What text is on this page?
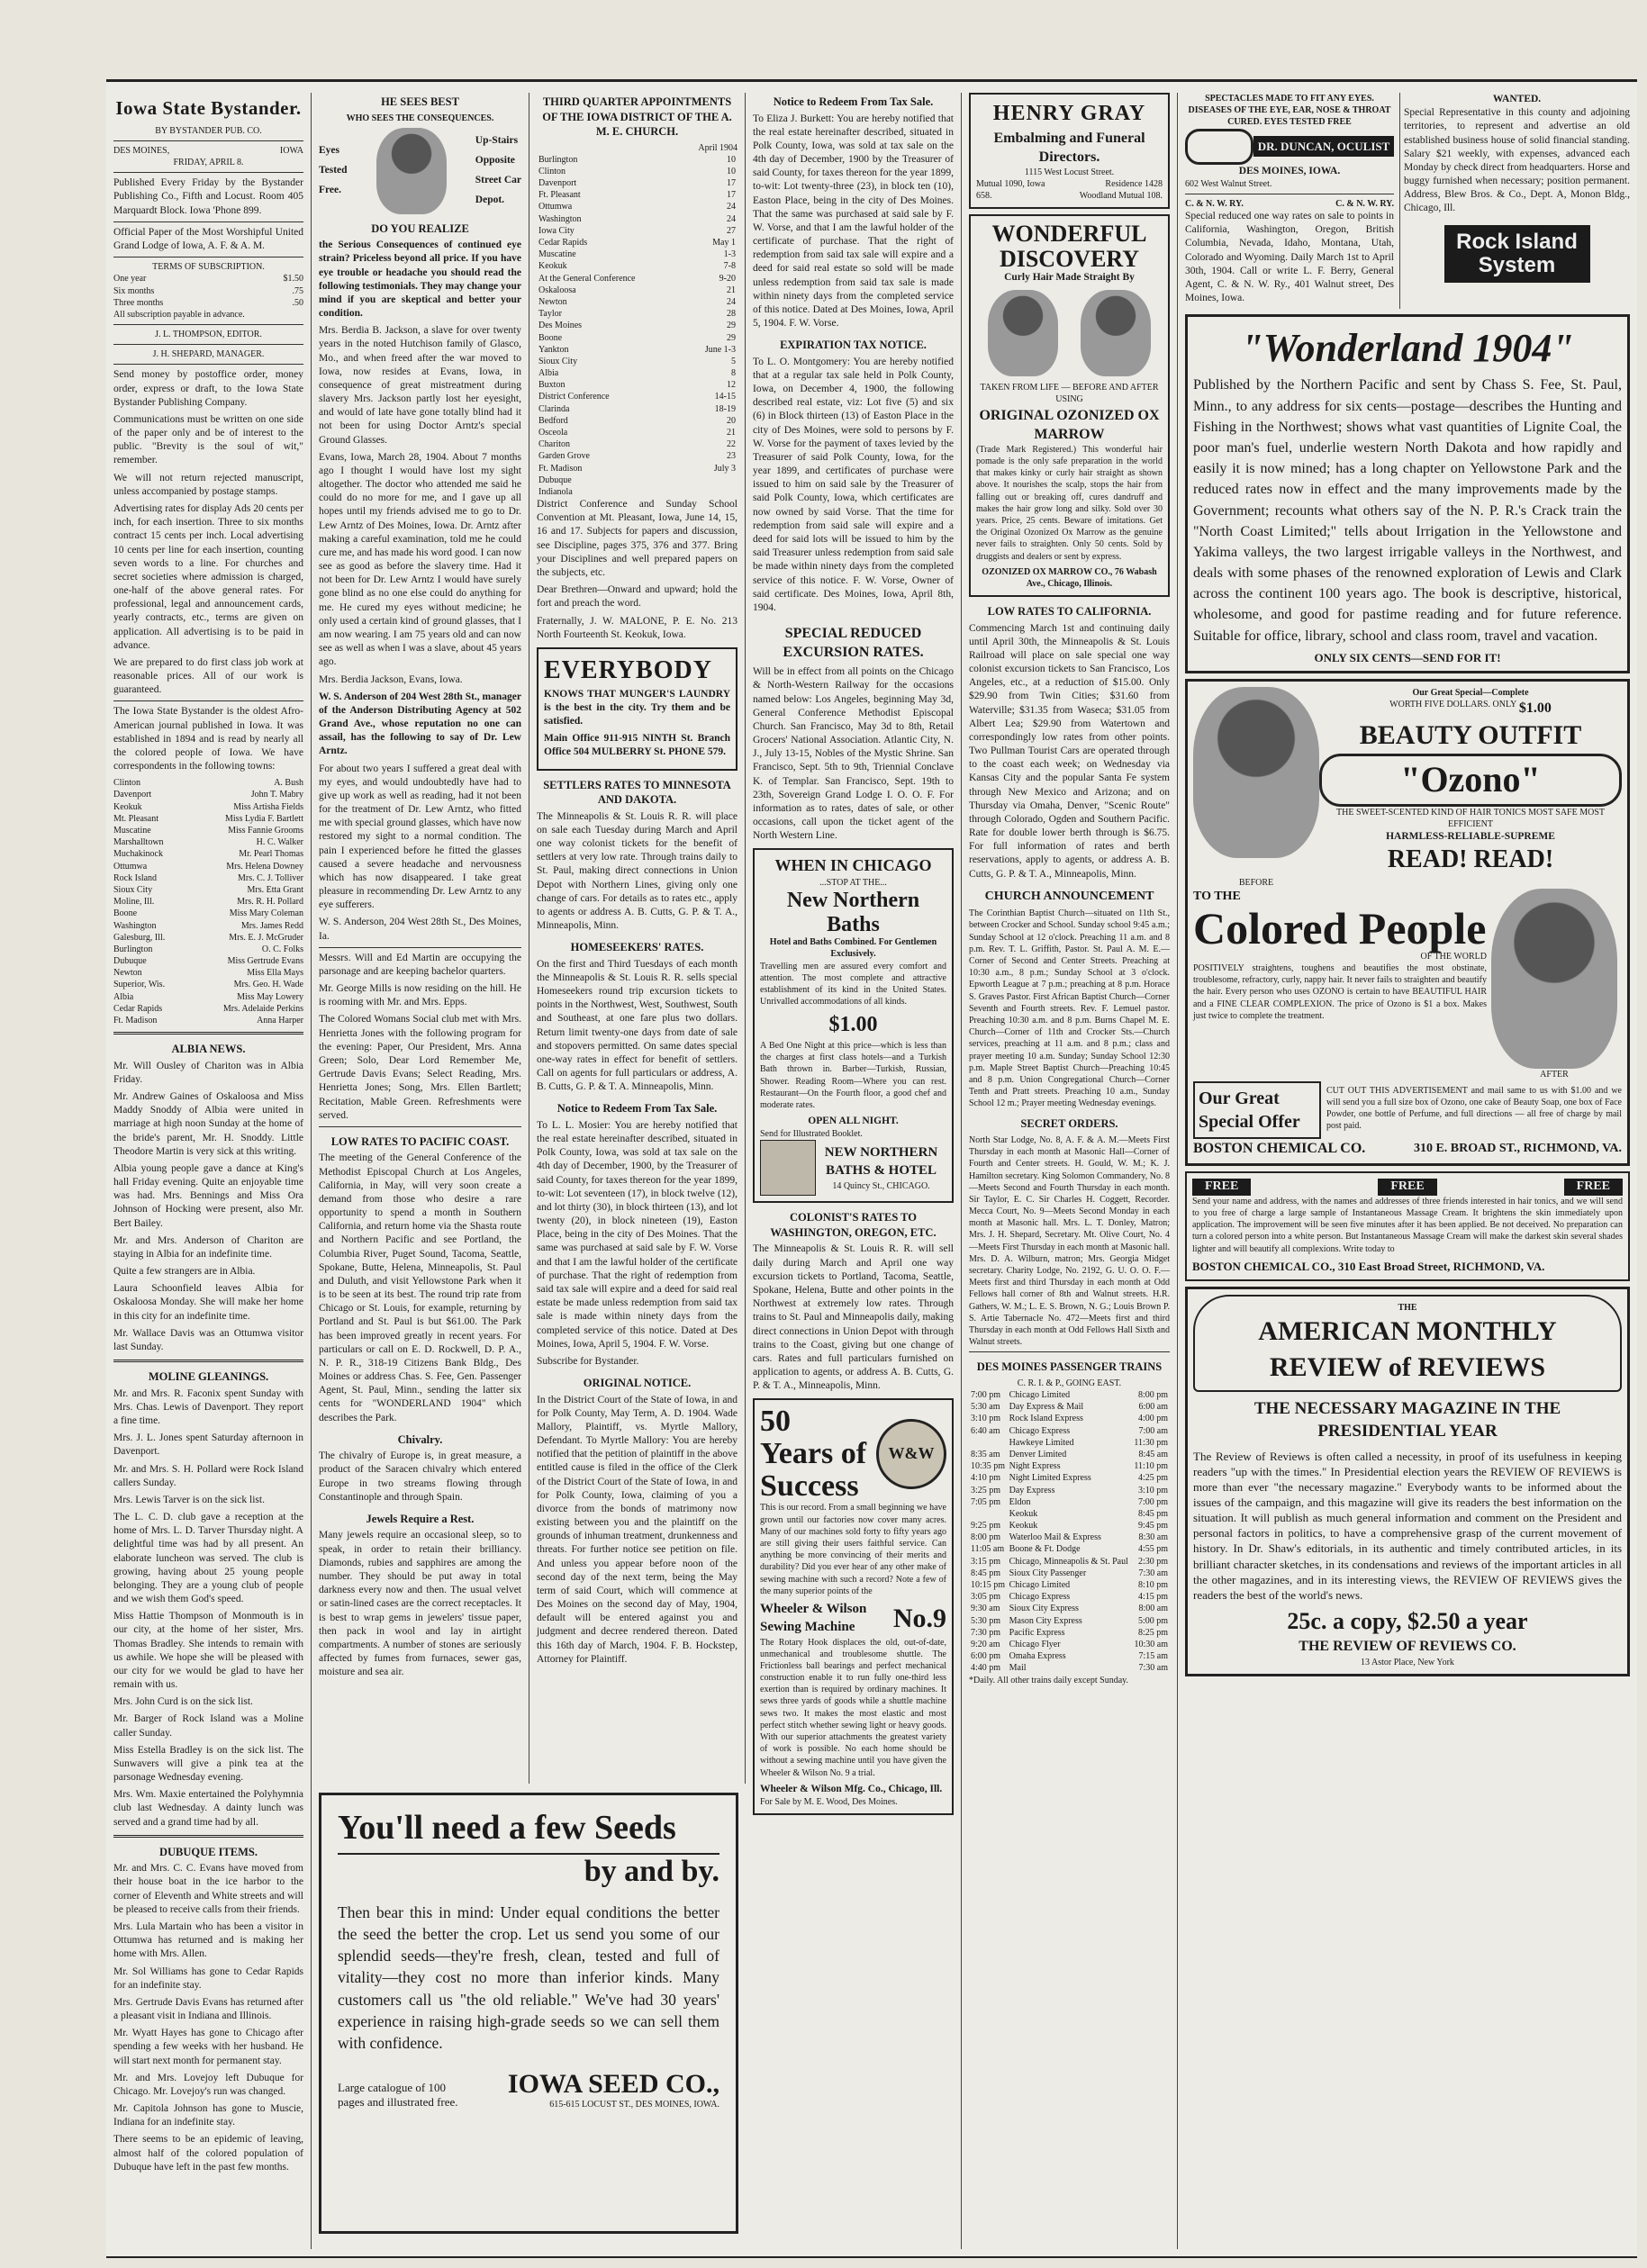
Iowa State Bystander.
BY BYSTANDER PUB. CO.
DES MOINES,	IOWA
FRIDAY, APRIL 8.

Published Every Friday by the Bystander Publishing Co., Fifth and Locust. Room 405 Marquardt Block. Iowa 'Phone 899.

Official Paper of the Most Worshipful United Grand Lodge of Iowa, A. F. & A. M.

TERMS OF SUBSCRIPTION.
One year	$1.50
Six months	.75
Three months	.50
All subscription payable in advance.
J. L. THOMPSON, EDITOR.
J. H. SHEPARD, MANAGER.

Send money by postoffice order, money order, express or draft, to the Iowa State Bystander Publishing Company.

Communications must be written on one side of the paper only and be of interest to the public. "Brevity is the soul of wit," remember.

We will not return rejected manuscript, unless accompanied by postage stamps.

Advertising rates for display Ads 20 cents per inch, for each insertion. Three to six months contract 15 cents per inch. Local advertising 10 cents per line for each insertion, counting seven words to a line. For churches and secret societies where admission is charged, one-half of the above general rates. For professional, legal and announcement cards, yearly contracts, etc., terms are given on application. All advertising is to be paid in advance.

We are prepared to do first class job work at reasonable prices. All of our work is guaranteed.

The Iowa State Bystander is the oldest Afro-American journal published in Iowa. It was established in 1894 and is read by nearly all the colored people of Iowa. We have correspondents in the following towns:

Clinton	A. Bush
Davenport	John T. Mabry
Keokuk	Miss Artisha Fields
Mt. Pleasant	Miss Lydia F. Bartlett
Muscatine	Miss Fannie Grooms
Marshalltown	H. C. Walker
Muchakinock	Mr. Pearl Thomas
Ottumwa	Mrs. Helena Downey
Rock Island	Mrs. C. J. Tolliver
Sioux City	Mrs. Etta Grant
Moline, Ill.	Mrs. R. H. Pollard
Boone	Miss Mary Coleman
Washington	Mrs. James Redd
Galesburg, Ill.	Mrs. E. J. McGruder
Burlington	O. C. Folks
Dubuque	Miss Gertrude Evans
Newton	Miss Ella Mays
Superior, Wis.	Mrs. Geo. H. Wade
Albia	Miss May Lowery
Cedar Rapids	Mrs. Adelaide Perkins
Ft. Madison	Anna Harper
ALBIA NEWS.

Mr. Will Ousley of Chariton was in Albia Friday.

Mr. Andrew Gaines of Oskaloosa and Miss Maddy Snoddy of Albia were united in marriage at high noon Sunday at the home of the bride's parent, Mr. H. Snoddy. Little Theodore Martin is very sick at this writing.

Albia young people gave a dance at King's hall Friday evening. Quite an enjoyable time was had. Mrs. Bennings and Miss Ora Johnson of Hocking were present, also Mr. Bert Bailey.

Mr. and Mrs. Anderson of Chariton are staying in Albia for an indefinite time.

Quite a few strangers are in Albia.

Laura Schoonfield leaves Albia for Oskaloosa Monday. She will make her home in this city for an indefinite time.

Mr. Wallace Davis was an Ottumwa visitor last Sunday.

MOLINE GLEANINGS.

Mr. and Mrs. R. Faconix spent Sunday with Mrs. Chas. Lewis of Davenport. They report a fine time.

Mrs. J. L. Jones spent Saturday afternoon in Davenport.

Mr. and Mrs. S. H. Pollard were Rock Island callers Sunday.

Mrs. Lewis Tarver is on the sick list.

The L. C. D. club gave a reception at the home of Mrs. L. D. Tarver Thursday night. A delightful time was had by all present. An elaborate luncheon was served. The club is growing, having about 25 young people belonging. They are a young club of people and we wish them God's speed.

Miss Hattie Thompson of Monmouth is in our city, at the home of her sister, Mrs. Thomas Bradley. She intends to remain with us awhile. We hope she will be pleased with our city for we would be glad to have her remain with us.

Mrs. John Curd is on the sick list.

Mr. Barger of Rock Island was a Moline caller Sunday.

Miss Estella Bradley is on the sick list. The Sunwavers will give a pink tea at the parsonage Wednesday evening.

Mrs. Wm. Maxie entertained the Polyhymnia club last Wednesday. A dainty lunch was served and a grand time had by all.

DUBUQUE ITEMS.

Mr. and Mrs. C. C. Evans have moved from their house boat in the ice harbor to the corner of Eleventh and White streets and will be pleased to receive calls from their friends.

Mrs. Lula Martain who has been a visitor in Ottumwa has returned and is making her home with Mrs. Allen.

Mr. Sol Williams has gone to Cedar Rapids for an indefinite stay.

Mrs. Gertrude Davis Evans has returned after a pleasant visit in Indiana and Illinois.

Mr. Wyatt Hayes has gone to Chicago after spending a few weeks with her husband. He will start next month for permanent stay.

Mr. and Mrs. Lovejoy left Dubuque for Chicago. Mr. Lovejoy's run was changed.

Mr. Capitola Johnson has gone to Muscie, Indiana for an indefinite stay.

There seems to be an epidemic of leaving, almost half of the colored population of Dubuque have left in the past few months.

HE SEES BEST
WHO SEES THE CONSEQUENCES.
Eyes
Tested
Free.
Up-Stairs
Opposite
Street Car
Depot.
DO YOU REALIZE

the Serious Consequences of continued eye strain? Priceless beyond all price. If you have eye trouble or headache you should read the following testimonials. They may change your mind if you are skeptical and better your condition.

Mrs. Berdia B. Jackson, a slave for over twenty years in the noted Hutchison family of Glasco, Mo., and when freed after the war moved to Iowa, now resides at Evans, Iowa, in consequence of great mistreatment during slavery Mrs. Jackson partly lost her eyesight, and would of late have gone totally blind had it not been for using Doctor Arntz's special Ground Glasses.

Evans, Iowa, March 28, 1904. About 7 months ago I thought I would have lost my sight altogether. The doctor who attended me said he could do no more for me, and I gave up all hopes until my friends advised me to go to Dr. Lew Arntz of Des Moines, Iowa. Dr. Arntz after making a careful examination, told me he could cure me, and has made his word good. I can now see as good as before the slavery time. Had it not been for Dr. Lew Arntz I would have surely gone blind as no one else could do anything for me. He cured my eyes without medicine; he only used a certain kind of ground glasses, that I am now wearing. I am 75 years old and can now see as well as when I was a slave, about 45 years ago.

Mrs. Berdia Jackson, Evans, Iowa.

W. S. Anderson of 204 West 28th St., manager of the Anderson Distributing Agency at 502 Grand Ave., whose reputation no one can assail, has the following to say of Dr. Lew Arntz.

For about two years I suffered a great deal with my eyes, and would undoubtedly have had to give up work as well as reading, had it not been for the treatment of Dr. Lew Arntz, who fitted me with special ground glasses, which have now restored my sight to a normal condition. The pain I experienced before he fitted the glasses caused a severe headache and nervousness which has now disappeared. I take great pleasure in recommending Dr. Lew Arntz to any eye sufferers.

W. S. Anderson, 204 West 28th St., Des Moines, Ia.

Messrs. Will and Ed Martin are occupying the parsonage and are keeping bachelor quarters.

Mr. George Mills is now residing on the hill. He is rooming with Mr. and Mrs. Epps.

The Colored Womans Social club met with Mrs. Henrietta Jones with the following program for the evening: Paper, Our President, Mrs. Anna Green; Solo, Dear Lord Remember Me, Gertrude Davis Evans; Select Reading, Mrs. Henrietta Jones; Song, Mrs. Ellen Bartlett; Recitation, Mable Green. Refreshments were served.

LOW RATES TO PACIFIC COAST.

The meeting of the General Conference of the Methodist Episcopal Church at Los Angeles, California, in May, will very soon create a demand from those who desire a rare opportunity to spend a month in Southern California, and return home via the Shasta route and Northern Pacific and see Portland, the Columbia River, Puget Sound, Tacoma, Seattle, Spokane, Butte, Helena, Minneapolis, St. Paul and Duluth, and visit Yellowstone Park when it is to be seen at its best. The round trip rate from Chicago or St. Louis, for example, returning by Portland and St. Paul is but $61.00. The Park has been improved greatly in recent years. For particulars or call on E. D. Rockwell, D. P. A., N. P. R., 318-19 Citizens Bank Bldg., Des Moines or address Chas. S. Fee, Gen. Passenger Agent, St. Paul, Minn., sending the latter six cents for "WONDERLAND 1904" which describes the Park.

Chivalry.

The chivalry of Europe is, in great measure, a product of the Saracen chivalry which entered Europe in two streams flowing through Constantinople and through Spain.

Jewels Require a Rest.

Many jewels require an occasional sleep, so to speak, in order to retain their brilliancy. Diamonds, rubies and sapphires are among the number. They should be put away in total darkness every now and then. The usual velvet or satin-lined cases are the correct receptacles. It is best to wrap gems in jewelers' tissue paper, then pack in wool and lay in airtight compartments. A number of stones are seriously affected by fumes from furnaces, sewer gas, moisture and sea air.

THIRD QUARTER APPOINTMENTS OF THE IOWA DISTRICT OF THE A. M. E. CHURCH.
April 1904
Burlington	10
Clinton	10
Davenport	17
Ft. Pleasant	17
Ottumwa	24
Washington	24
Iowa City	27
Cedar Rapids	May 1
Muscatine	1-3
Keokuk	7-8
At the General Conference	9-20
Oskaloosa	21
Newton	24
Taylor	28
Des Moines	29
Boone	29
Yankton	June 1-3
Sioux City	5
Albia	8
Buxton	12
District Conference	14-15
Clarinda	18-19
Bedford	20
Osceola	21
Chariton	22
Garden Grove	23
Ft. Madison	July 3
Dubuque	
Indianola	

District Conference and Sunday School Convention at Mt. Pleasant, Iowa, June 14, 15, 16 and 17. Subjects for papers and discussion, see Discipline, pages 375, 376 and 377. Bring your Disciplines and well prepared papers on the subjects, etc.

Dear Brethren—Onward and upward; hold the fort and preach the word.

Fraternally, J. W. MALONE, P. E. No. 213 North Fourteenth St. Keokuk, Iowa.

EVERYBODY

KNOWS THAT MUNGER'S LAUNDRY is the best in the city. Try them and be satisfied.

Main Office 911-915 NINTH St. Branch Office 504 MULBERRY St. PHONE 579.

SETTLERS RATES TO MINNESOTA AND DAKOTA.

The Minneapolis & St. Louis R. R. will place on sale each Tuesday during March and April one way colonist tickets for the benefit of settlers at very low rate. Through trains daily to St. Paul, making direct connections in Union Depot with Northern Lines, giving only one change of cars. For details as to rates etc., apply to agents or address A. B. Cutts, G. P. & T. A., Minneapolis, Minn.

HOMESEEKERS' RATES.

On the first and Third Tuesdays of each month the Minneapolis & St. Louis R. R. sells special Homeseekers round trip excursion tickets to points in the Northwest, West, Southwest, South and Southeast, at one fare plus two dollars. Return limit twenty-one days from date of sale and stopovers permitted. On same dates special one-way rates in effect for benefit of settlers. Call on agents for full particulars or address, A. B. Cutts, G. P. & T. A. Minneapolis, Minn.

Notice to Redeem From Tax Sale.

To L. L. Mosier: You are hereby notified that the real estate hereinafter described, situated in Polk County, Iowa, was sold at tax sale on the 4th day of December, 1900, by the Treasurer of said County, for taxes thereon for the year 1899, to-wit: Lot seventeen (17), in block twelve (12), and lot thirty (30), in block thirteen (13), and lot twenty (20), in block nineteen (19), Easton Place, being in the city of Des Moines. That the same was purchased at said sale by F. W. Vorse and that I am the lawful holder of the certificate of purchase. That the right of redemption from said tax sale will expire and a deed for said real estate be made unless redemption from said tax sale is made within ninety days from the completed service of this notice. Dated at Des Moines, Iowa, April 5, 1904. F. W. Vorse.

Subscribe for Bystander.

ORIGINAL NOTICE.

In the District Court of the State of Iowa, in and for Polk County, May Term, A. D. 1904. Wade Mallory, Plaintiff, vs. Myrtle Mallory, Defendant. To Myrtle Mallory: You are hereby notified that the petition of plaintiff in the above entitled cause is filed in the office of the Clerk of the District Court of the State of Iowa, in and for Polk County, Iowa, claiming of you a divorce from the bonds of matrimony now existing between you and the plaintiff on the grounds of inhuman treatment, drunkenness and threats. For further notice see petition on file. And unless you appear before noon of the second day of the next term, being the May term of said Court, which will commence at Des Moines on the second day of May, 1904, default will be entered against you and judgment and decree rendered thereon. Dated this 16th day of March, 1904. F. B. Hockstep, Attorney for Plaintiff.

You'll need a few Seeds
by and by.

Then bear this in mind: Under equal conditions the better the seed the better the crop. Let us send you some of our splendid seeds—they're fresh, clean, tested and full of vitality—they cost no more than inferior kinds. Many customers call us "the old reliable." We've had 30 years' experience in raising high-grade seeds so we can sell them with confidence.

Large catalogue of 100 pages and illustrated free.
IOWA SEED CO.,
615-615 LOCUST ST., DES MOINES, IOWA.
Notice to Redeem From Tax Sale.

To Eliza J. Burkett: You are hereby notified that the real estate hereinafter described, situated in Polk County, Iowa, was sold at tax sale on the 4th day of December, 1900 by the Treasurer of said County, for taxes thereon for the year 1899, to-wit: Lot twenty-three (23), in block ten (10), Easton Place, being in the city of Des Moines. That the same was purchased at said sale by F. W. Vorse, and that I am the lawful holder of the certificate of purchase. That the right of redemption from said tax sale will expire and a deed for said real estate so sold will be made unless redemption from said tax sale is made within ninety days from the completed service of this notice. Dated at Des Moines, Iowa, April 5, 1904. F. W. Vorse.

EXPIRATION TAX NOTICE.

To L. O. Montgomery: You are hereby notified that at a regular tax sale held in Polk County, Iowa, on December 4, 1900, the following described real estate, viz: Lot five (5) and six (6) in Block thirteen (13) of Easton Place in the city of Des Moines, were sold to persons by F. W. Vorse for the payment of taxes levied by the Treasurer of said Polk County, Iowa, for the year 1899, and certificates of purchase were issued to him on said sale by the Treasurer of said Polk County, Iowa, which certificates are now owned by said Vorse. That the time for redemption from said sale will expire and a deed for said lots will be issued to him by the said Treasurer unless redemption from said sale be made within ninety days from the completed service of this notice. F. W. Vorse, Owner of said certificate. Des Moines, Iowa, April 8th, 1904.

SPECIAL REDUCED EXCURSION RATES.

Will be in effect from all points on the Chicago & North-Western Railway for the occasions named below: Los Angeles, beginning May 3d, General Conference Methodist Episcopal Church. San Francisco, May 3d to 8th, Retail Grocers' National Association. Atlantic City, N. J., July 13-15, Nobles of the Mystic Shrine. San Francisco, Sept. 5th to 9th, Triennial Conclave K. of Templar. San Francisco, Sept. 19th to 23th, Sovereign Grand Lodge I. O. O. F. For information as to rates, dates of sale, or other occasions, call upon the ticket agent of the North Western Line.

WHEN IN CHICAGO
...STOP AT THE...
New Northern Baths
Hotel and Baths Combined. For Gentlemen Exclusively.

Travelling men are assured every comfort and attention. The most complete and attractive establishment of its kind in the United States. Unrivalled accommodations of all kinds.

$1.00

A Bed One Night at this price—which is less than the charges at first class hotels—and a Turkish Bath thrown in. Barber—Turkish, Russian, Shower. Reading Room—Where you can rest. Restaurant—On the Fourth floor, a good chef and moderate rates.

OPEN ALL NIGHT.
Send for Illustrated Booklet.
NEW NORTHERN BATHS & HOTEL
14 Quincy St., CHICAGO.
COLONIST'S RATES TO WASHINGTON, OREGON, ETC.

The Minneapolis & St. Louis R. R. will sell daily during March and April one way excursion tickets to Portland, Tacoma, Seattle, Spokane, Helena, Butte and other points in the Northwest at extremely low rates. Through trains to St. Paul and Minneapolis daily, making direct connections in Union Depot with through trains to the Coast, giving but one change of cars. Rates and full particulars furnished on application to agents, or address A. B. Cutts, G. P. & T. A., Minneapolis, Minn.

50 Years of Success
W&W

This is our record. From a small beginning we have grown until our factories now cover many acres. Many of our machines sold forty to fifty years ago are still giving their users faithful service. Can anything be more convincing of their merits and durability? Did you ever hear of any other make of sewing machine with such a record? Note a few of the many superior points of the

Wheeler & Wilson Sewing Machine	No.9

The Rotary Hook displaces the old, out-of-date, unmechanical and troublesome shuttle. The Frictionless ball bearings and perfect mechanical construction enable it to run fully one-third less exertion than is required by ordinary machines. It sews three yards of goods while a shuttle machine sews two. It makes the most elastic and most perfect stitch whether sewing light or heavy goods. With our superior attachments the greatest variety of work is possible. No each home should be without a sewing machine until you have given the Wheeler & Wilson No. 9 a trial.

Wheeler & Wilson Mfg. Co., Chicago, Ill.
For Sale by M. E. Wood, Des Moines.
HENRY GRAY
Embalming and Funeral Directors.
1115 West Locust Street.
Mutual 1090, Iowa 658.
Residence 1428 Woodland Mutual 108.
WONDERFUL DISCOVERY
Curly Hair Made Straight By
TAKEN FROM LIFE — BEFORE AND AFTER USING
ORIGINAL OZONIZED OX MARROW

(Trade Mark Registered.) This wonderful hair pomade is the only safe preparation in the world that makes kinky or curly hair straight as shown above. It nourishes the scalp, stops the hair from falling out or breaking off, cures dandruff and makes the hair grow long and silky. Sold over 30 years. Price, 25 cents. Beware of imitations. Get the Original Ozonized Ox Marrow as the genuine never fails to straighten. Only 50 cents. Sold by druggists and dealers or sent by express.

OZONIZED OX MARROW CO., 76 Wabash Ave., Chicago, Illinois.
LOW RATES TO CALIFORNIA.

Commencing March 1st and continuing daily until April 30th, the Minneapolis & St. Louis Railroad will place on sale special one way colonist excursion tickets to San Francisco, Los Angeles, etc., at a reduction of $15.00. Only $29.90 from Twin Cities; $31.60 from Waterville; $31.35 from Waseca; $31.05 from Albert Lea; $29.90 from Watertown and correspondingly low rates from other points. Two Pullman Tourist Cars are operated through to the coast each week; on Wednesday via Kansas City and the popular Santa Fe system through New Mexico and Arizona; and on Thursday via Omaha, Denver, "Scenic Route" through Colorado, Ogden and Southern Pacific. Rate for double lower berth through is $6.75. For full information of rates and berth reservations, apply to agents, or address A. B. Cutts, G. P. & T. A., Minneapolis, Minn.

CHURCH ANNOUNCEMENT

The Corinthian Baptist Church—situated on 11th St., between Crocker and School. Sunday school 9:45 a.m.; Sunday School at 12 o'clock. Preaching 11 a.m. and 8 p.m. Rev. T. L. Griffith, Pastor. St. Paul A. M. E.—Corner of Second and Center Streets. Preaching at 10:30 a.m., 8 p.m.; Sunday School at 3 o'clock. Epworth League at 7 p.m.; preaching at 8 p.m. Horace S. Graves Pastor. First African Baptist Church—Corner Seventh and Fourth streets. Rev. F. Lemuel pastor. Preaching 10:30 a.m. and 8 p.m. Burns Chapel M. E. Church—Corner of 11th and Crocker Sts.—Church services, preaching at 11 a.m. and 8 p.m.; class and prayer meeting 10 a.m. Sunday; Sunday School 12:30 p.m. Maple Street Baptist Church—Preaching 10:45 and 8 p.m. Union Congregational Church—Corner Tenth and Pratt streets. Preaching 10 a.m., Sunday School 12 m.; Prayer meeting Wednesday evenings.

SECRET ORDERS.

North Star Lodge, No. 8, A. F. & A. M.—Meets First Thursday in each month at Masonic Hall—Corner of Fourth and Center streets. H. Gould, W. M.; K. J. Hamilton secretary. King Solomon Commandery, No. 8—Meets Second and Fourth Thursday in each month. Sir Taylor, E. C. Sir Charles H. Coggett, Recorder. Mecca Court, No. 9—Meets Second Monday in each month at Masonic hall. Mrs. L. T. Donley, Matron; Mrs. J. H. Shepard, Secretary. Mt. Olive Court, No. 4—Meets First Thursday in each month at Masonic hall. Mrs. D. A. Wilburn, matron; Mrs. Georgia Midget secretary. Charity Lodge, No. 2192, G. U. O. O. F.—Meets first and third Thursday in each month at Odd Fellows hall corner of 8th and Walnut streets. H.R. Gathers, W. M.; L. E. S. Brown, N. G.; Louis Brown P. S. Artie Tabernacle No. 472—Meets first and third Thursday in each month at Odd Fellows Hall Sixth and Walnut streets.

DES MOINES PASSENGER TRAINS
C. R. I. & P., GOING EAST.
7:00 pm	Chicago Limited	8:00 pm
5:30 am	Day Express & Mail	6:00 am
3:10 pm	Rock Island Express	4:00 pm
6:40 am	Chicago Express	7:00 am
	Hawkeye Limited	11:30 pm
8:35 am	Denver Limited	8:45 am
10:35 pm	Night Express	11:10 pm
4:10 pm	Night Limited Express	4:25 pm
3:25 pm	Day Express	3:10 pm
7:05 pm	Eldon	7:00 pm
	Keokuk	8:45 pm
9:25 pm	Keokuk	9:45 pm
8:00 pm	Waterloo Mail & Express	8:30 am
11:05 am	Boone & Ft. Dodge	4:55 pm
3:15 pm	Chicago, Minneapolis & St. Paul	2:30 pm
8:45 pm	Sioux City Passenger	7:30 am
10:15 pm	Chicago Limited	8:10 pm
3:05 pm	Chicago Express	4:15 pm
9:30 am	Sioux City Express	8:00 am
5:30 pm	Mason City Express	5:00 pm
7:30 pm	Pacific Express	8:25 pm
9:20 am	Chicago Flyer	10:30 am
6:00 pm	Omaha Express	7:15 am
4:40 pm	Mail	7:30 am
*Daily. All other trains daily except Sunday.
SPECTACLES MADE TO FIT ANY EYES. DISEASES OF THE EYE, EAR, NOSE & THROAT CURED. EYES TESTED FREE
DR. DUNCAN, OCULIST
DES MOINES, IOWA.
602 West Walnut Street.
C. & N. W. RY.	C. & N. W. RY.

Special reduced one way rates on sale to points in California, Washington, Oregon, British Columbia, Nevada, Idaho, Montana, Utah, Colorado and Wyoming. Daily March 1st to April 30th, 1904. Call or write L. F. Berry, General Agent, C. & N. W. Ry., 401 Walnut street, Des Moines, Iowa.

WANTED.

Special Representative in this county and adjoining territories, to represent and advertise an old established business house of solid financial standing. Salary $21 weekly, with expenses, advanced each Monday by check direct from headquarters. Horse and buggy furnished when necessary; position permanent. Address, Blew Bros. & Co., Dept. A, Monon Bldg., Chicago, Ill.

Rock Island System
"Wonderland 1904"

Published by the Northern Pacific and sent by Chass S. Fee, St. Paul, Minn., to any address for six cents—postage—describes the Hunting and Fishing in the Northwest; shows what vast quantities of Lignite Coal, the poor man's fuel, underlie western North Dakota and how rapidly and easily it is now mined; has a long chapter on Yellowstone Park and the reduced rates now in effect and the many improvements made by the Government; recounts what others say of the N. P. R.'s Crack train the "North Coast Limited;" tells about Irrigation in the Yellowstone and Yakima valleys, the two largest irrigable valleys in the Northwest, and deals with some phases of the renowned exploration of Lewis and Clark across the continent 100 years ago. The book is descriptive, historical, wholesome, and good for pastime reading and for future reference. Suitable for office, library, school and class room, travel and vacation.

ONLY SIX CENTS—SEND FOR IT!
Our Great Special—Complete
WORTH FIVE DOLLARS. ONLY
$1.00
BEAUTY OUTFIT
"Ozono"
THE SWEET-SCENTED KIND OF HAIR TONICS MOST SAFE MOST EFFICIENT
HARMLESS-RELIABLE-SUPREME
READ! READ!
BEFORE
TO THE
Colored People
OF THE WORLD

POSITIVELY straightens, toughens and beautifies the most obstinate, troublesome, refractory, curly, nappy hair. It never fails to straighten and beautify the hair. Every person who uses OZONO is certain to have BEAUTIFUL HAIR and a FINE CLEAR COMPLEXION. The price of Ozono is $1 a box. Makes just twice to complete the treatment.

AFTER
Our Great Special Offer

CUT OUT THIS ADVERTISEMENT and mail same to us with $1.00 and we will send you a full size box of Ozono, one cake of Beauty Soap, one box of Face Powder, one bottle of Perfume, and full directions — all free of charge by mail post paid.

BOSTON CHEMICAL CO.	310 E. BROAD ST., RICHMOND, VA.
FREE	FREE	FREE

Send your name and address, with the names and addresses of three friends interested in hair tonics, and we will send to you free of charge a large sample of Instantaneous Massage Cream. It brightens the skin immediately upon application. The improvement will be seen five minutes after it has been applied. Be not deceived. No preparation can turn a colored person into a white person. But Instantaneous Massage Cream will make the darkest skin several shades lighter and will beautify all complexions. Write today to

BOSTON CHEMICAL CO., 310 East Broad Street, RICHMOND, VA.
THE
AMERICAN MONTHLY
REVIEW of REVIEWS
THE NECESSARY MAGAZINE IN THE PRESIDENTIAL YEAR

The Review of Reviews is often called a necessity, in proof of its usefulness in keeping readers "up with the times." In Presidential election years the REVIEW OF REVIEWS is more than ever "the necessary magazine." Everybody wants to be informed about the issues of the campaign, and this magazine will give its readers the best information on the situation. It will publish as much general information and comment on the President and personal factors in politics, to have a comprehensive grasp of the current movement of history. In Dr. Shaw's editorials, in its authentic and timely contributed articles, in its brilliant character sketches, in its condensations and reviews of the important articles in all the other magazines, and in its interesting views, the REVIEW OF REVIEWS gives the readers the best of the world's news.

25c. a copy, $2.50 a year
THE REVIEW OF REVIEWS CO.
13 Astor Place, New York
